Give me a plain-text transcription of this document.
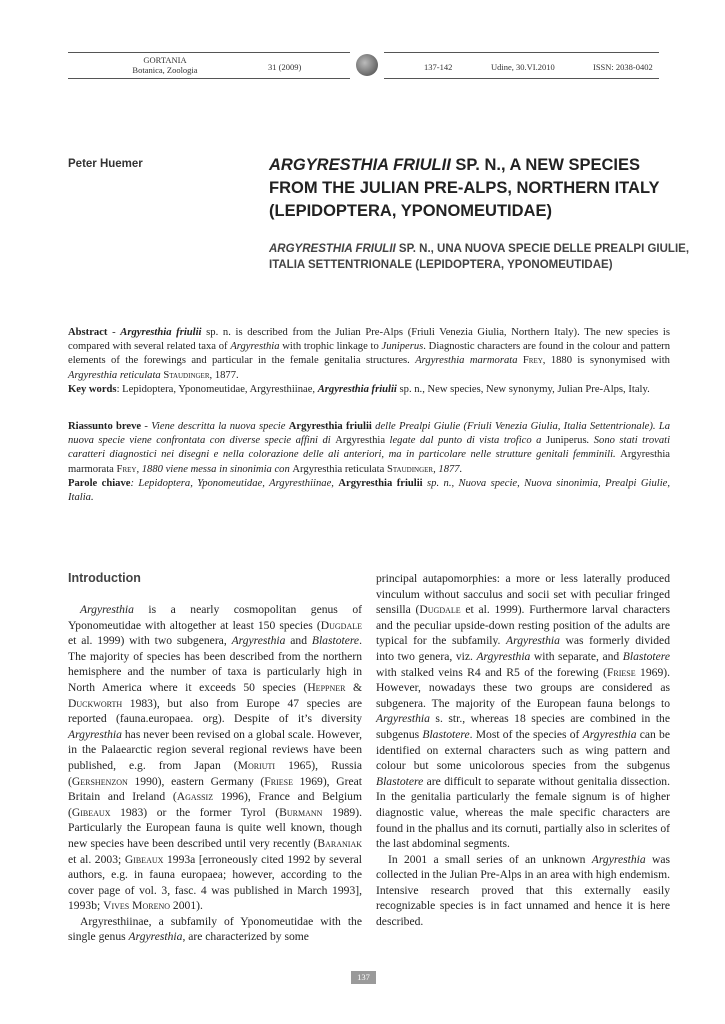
GORTANIA
Botanica, Zoologia	31 (2009)	137-142	Udine, 30.VI.2010	ISSN: 2038-0402
Peter Huemer	ARGYRESTHIA FRIULII SP. N., A NEW SPECIES FROM THE JULIAN PRE-ALPS, NORTHERN ITALY (LEPIDOPTERA, YPONOMEUTIDAE)
ARGYRESTHIA FRIULII SP. N., UNA NUOVA SPECIE DELLE PREALPI GIULIE, ITALIA SETTENTRIONALE (LEPIDOPTERA, YPONOMEUTIDAE)
Abstract - Argyresthia friulii sp. n. is described from the Julian Pre-Alps (Friuli Venezia Giulia, Northern Italy). The new species is compared with several related taxa of Argyresthia with trophic linkage to Juniperus. Diagnostic characters are found in the colour and pattern elements of the forewings and particular in the female genitalia structures. Argyresthia marmorata Frey, 1880 is synonymised with Argyresthia reticulata Staudinger, 1877.
Key words: Lepidoptera, Yponomeutidae, Argyresthiinae, Argyresthia friulii sp. n., New species, New synonymy, Julian Pre-Alps, Italy.
Riassunto breve - Viene descritta la nuova specie Argyresthia friulii delle Prealpi Giulie (Friuli Venezia Giulia, Italia Settentrionale). La nuova specie viene confrontata con diverse specie affini di Argyresthia legate dal punto di vista trofico a Juniperus. Sono stati trovati caratteri diagnostici nei disegni e nella colorazione delle ali anteriori, ma in particolare nelle strutture genitali femminili. Argyresthia marmorata Frey, 1880 viene messa in sinonimia con Argyresthia reticulata Staudinger, 1877.
Parole chiave: Lepidoptera, Yponomeutidae, Argyresthiinae, Argyresthia friulii sp. n., Nuova specie, Nuova sinonimia, Prealpi Giulie, Italia.
Introduction

Argyresthia is a nearly cosmopolitan genus of Yponomeutidae with altogether at least 150 species (Dugdale et al. 1999) with two subgenera, Argyresthia and Blastotere. The majority of species has been described from the northern hemisphere and the number of taxa is particularly high in North America where it exceeds 50 species (Heppner & Duckworth 1983), but also from Europe 47 species are reported (fauna.europaea. org). Despite of it’s diversity Argyresthia has never been revised on a global scale. However, in the Palaearctic region several regional reviews have been published, e.g. from Japan (Moriuti 1965), Russia (Gershenzon 1990), eastern Germany (Friese 1969), Great Britain and Ireland (Agassiz 1996), France and Belgium (Gibeaux 1983) or the former Tyrol (Burmann 1989). Particularly the European fauna is quite well known, though new species have been described until very recently (Baraniak et al. 2003; Gibeaux 1993a [erroneously cited 1992 by several authors, e.g. in fauna europaea; however, according to the cover page of vol. 3, fasc. 4 was published in March 1993], 1993b; Vives Moreno 2001).

Argyresthiinae, a subfamily of Yponomeutidae with the single genus Argyresthia, are characterized by some

principal autapomorphies: a more or less laterally produced vinculum without sacculus and socii set with peculiar fringed sensilla (Dugdale et al. 1999). Furthermore larval characters and the peculiar upside-down resting position of the adults are typical for the subfamily. Argyresthia was formerly divided into two genera, viz. Argyresthia with separate, and Blastotere with stalked veins R4 and R5 of the forewing (Friese 1969). However, nowadays these two groups are considered as subgenera. The majority of the European fauna belongs to Argyresthia s. str., whereas 18 species are combined in the subgenus Blastotere. Most of the species of Argyresthia can be identified on external characters such as wing pattern and colour but some unicolorous species from the subgenus Blastotere are difficult to separate without genitalia dissection. In the genitalia particularly the female signum is of higher diagnostic value, whereas the male specific characters are found in the phallus and its cornuti, partially also in sclerites of the last abdominal segments.

In 2001 a small series of an unknown Argyresthia was collected in the Julian Pre-Alps in an area with high endemism. Intensive research proved that this externally easily recognizable species is in fact unnamed and hence it is here described.

137
